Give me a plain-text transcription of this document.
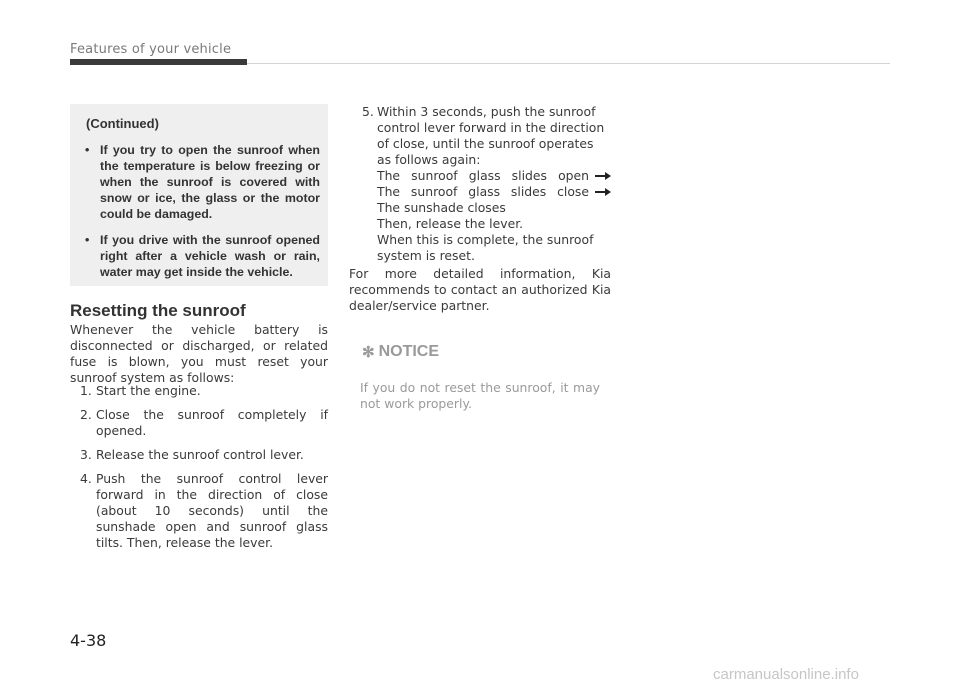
Features of your vehicle
(Continued)
• If you try to open the sunroof when the temperature is below freezing or when the sunroof is covered with snow or ice, the glass or the motor could be damaged.
• If you drive with the sunroof opened right after a vehicle wash or rain, water may get inside the vehicle.
Resetting the sunroof

Whenever the vehicle battery is disconnected or discharged, or related fuse is blown, you must reset your sunroof system as follows:

1. Start the engine.
2. Close the sunroof completely if opened.
3. Release the sunroof control lever.
4. Push the sunroof control lever forward in the direction of close (about 10 seconds) until the sunshade open and sunroof glass tilts. Then, release the lever.
5. Within 3 seconds, push the sunroof control lever forward in the direction of close, until the sunroof operates as follows again:
The sunroof glass slides open
The sunroof glass slides close
The sunshade closes
Then, release the lever.
When this is complete, the sunroof system is reset.

For more detailed information, Kia recommends to contact an authorized Kia dealer/service partner.

✻ NOTICE

If you do not reset the sunroof, it may not work properly.

4-38
carmanualsonline.info
